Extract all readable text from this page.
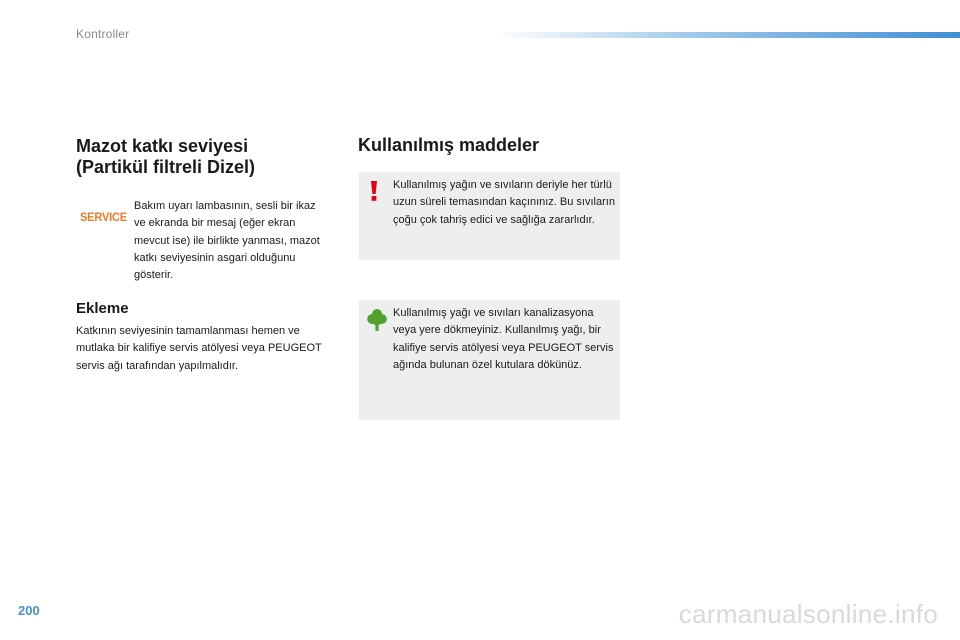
Kontroller
Mazot katkı seviyesi
(Partikül filtreli Dizel)
SERVICE
Bakım uyarı lambasının, sesli bir ikaz ve ekranda bir mesaj (eğer ekran mevcut ise) ile birlikte yanması, mazot katkı seviyesinin asgari olduğunu gösterir.
Ekleme
Katkının seviyesinin tamamlanması hemen ve mutlaka bir kalifiye servis atölyesi veya PEUGEOT servis ağı tarafından yapılmalıdır.
Kullanılmış maddeler
Kullanılmış yağın ve sıvıların deriyle her türlü uzun süreli temasından kaçınınız. Bu sıvıların çoğu çok tahriş edici ve sağlığa zararlıdır.
Kullanılmış yağı ve sıvıları kanalizasyona veya yere dökmeyiniz. Kullanılmış yağı, bir kalifiye servis atölyesi veya PEUGEOT servis ağında bulunan özel kutulara dökünüz.
200	carmanualsonline.info
